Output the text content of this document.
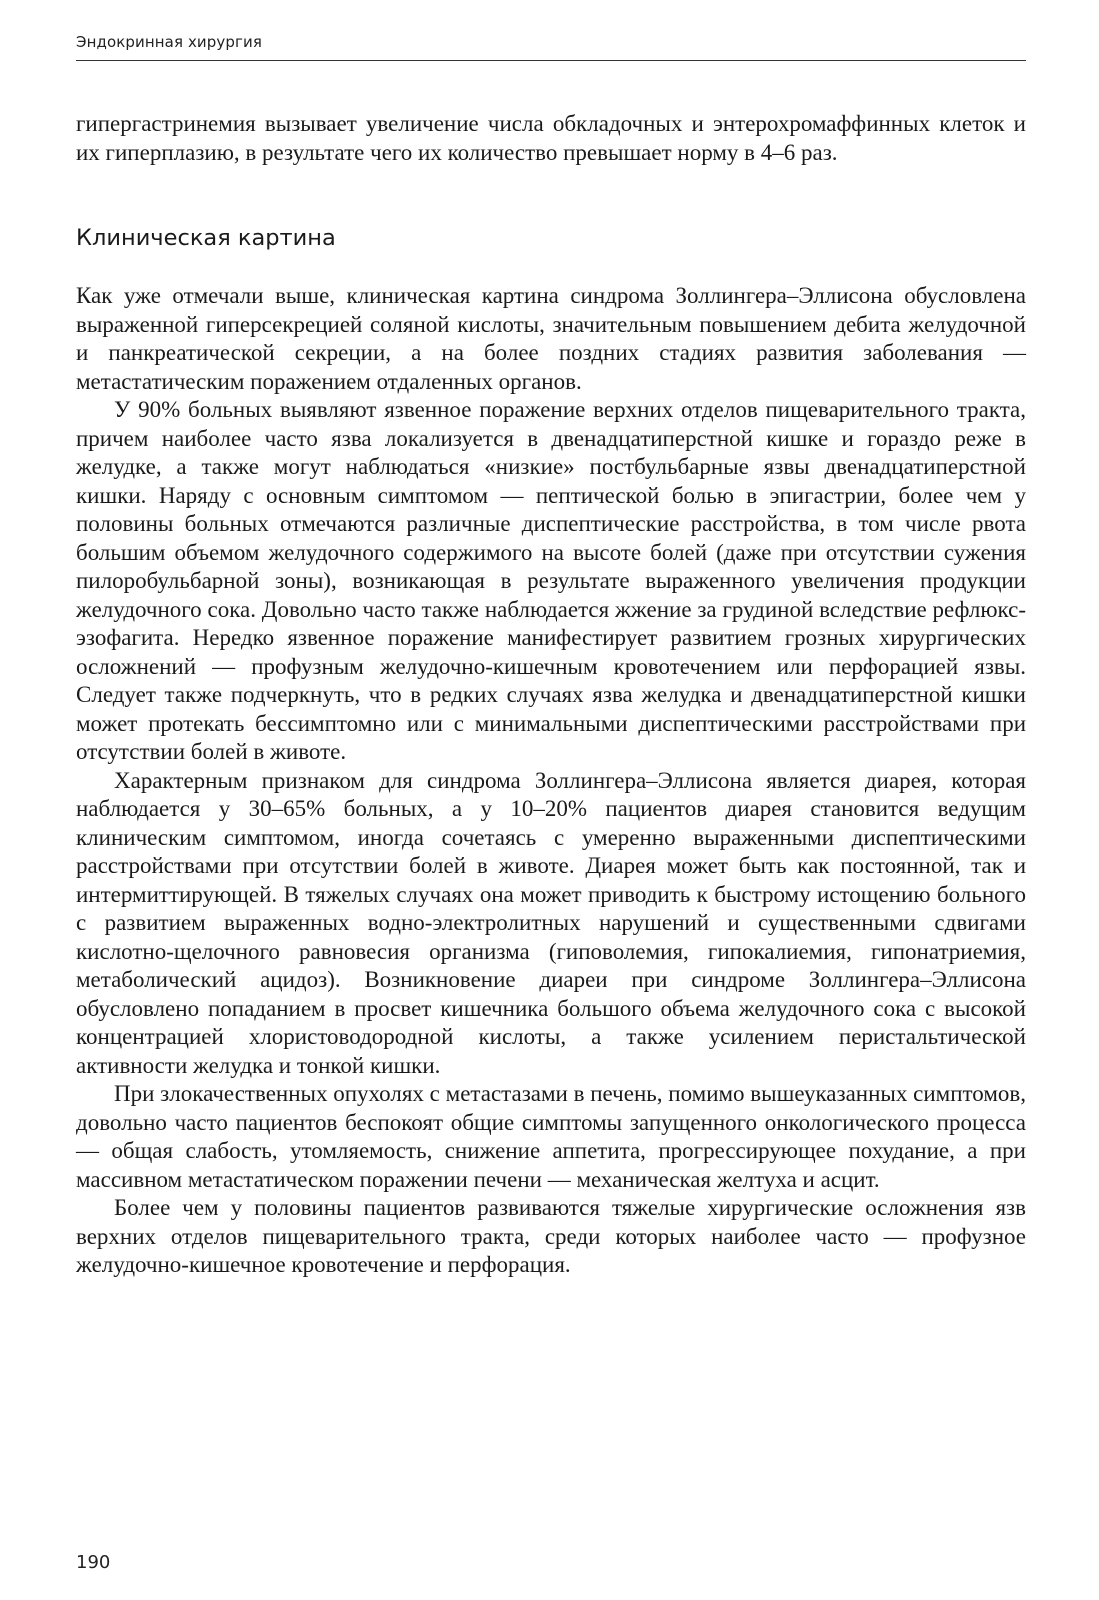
Эндокринная хирургия

гипергастринемия вызывает увеличение числа обкладочных и энтерохромаффинных клеток и их гиперплазию, в результате чего их количество превышает норму в 4–6 раз.

Клиническая картина

Как уже отмечали выше, клиническая картина синдрома Золлингера–Эллисона обусловлена выраженной гиперсекрецией соляной кислоты, значительным повышением дебита желудочной и панкреатической секреции, а на более поздних стадиях развития заболевания — метастатическим поражением отдаленных органов.

У 90% больных выявляют язвенное поражение верхних отделов пищеварительного тракта, причем наиболее часто язва локализуется в двенадцатиперстной кишке и гораздо реже в желудке, а также могут наблюдаться «низкие» постбульбарные язвы двенадцатиперстной кишки. Наряду с основным симптомом — пептической болью в эпигастрии, более чем у половины больных отмечаются различные диспептические расстройства, в том числе рвота большим объемом желудочного содержимого на высоте болей (даже при отсутствии сужения пилоробульбарной зоны), возникающая в результате выраженного увеличения продукции желудочного сока. Довольно часто также наблюдается жжение за грудиной вследствие рефлюкс-эзофагита. Нередко язвенное поражение манифестирует развитием грозных хирургических осложнений — профузным желудочно-кишечным кровотечением или перфорацией язвы. Следует также подчеркнуть, что в редких случаях язва желудка и двенадцатиперстной кишки может протекать бессимптомно или с минимальными диспептическими расстройствами при отсутствии болей в животе.

Характерным признаком для синдрома Золлингера–Эллисона является диарея, которая наблюдается у 30–65% больных, а у 10–20% пациентов диарея становится ведущим клиническим симптомом, иногда сочетаясь с умеренно выраженными диспептическими расстройствами при отсутствии болей в животе. Диарея может быть как постоянной, так и интермиттирующей. В тяжелых случаях она может приводить к быстрому истощению больного с развитием выраженных водно-электролитных нарушений и существенными сдвигами кислотно-щелочного равновесия организма (гиповолемия, гипокалиемия, гипонатриемия, метаболический ацидоз). Возникновение диареи при синдроме Золлингера–Эллисона обусловлено попаданием в просвет кишечника большого объема желудочного сока с высокой концентрацией хлористоводородной кислоты, а также усилением перистальтической активности желудка и тонкой кишки.

При злокачественных опухолях с метастазами в печень, помимо вышеуказанных симптомов, довольно часто пациентов беспокоят общие симптомы запущенного онкологического процесса — общая слабость, утомляемость, снижение аппетита, прогрессирующее похудание, а при массивном метастатическом поражении печени — механическая желтуха и асцит.

Более чем у половины пациентов развиваются тяжелые хирургические осложнения язв верхних отделов пищеварительного тракта, среди которых наиболее часто — профузное желудочно-кишечное кровотечение и перфорация.

190
